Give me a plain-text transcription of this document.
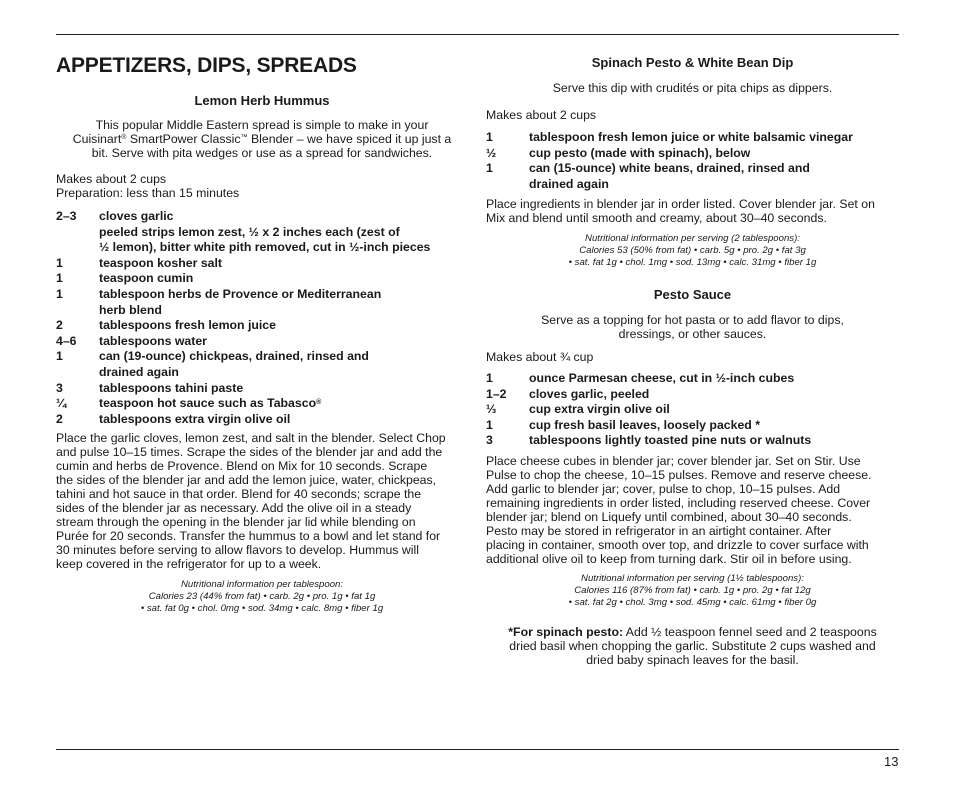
APPETIZERS, DIPS, SPREADS
Lemon Herb Hummus
This popular Middle Eastern spread is simple to make in your
Cuisinart® SmartPower Classic™ Blender – we have spiced it up just a
bit. Serve with pita wedges or use as a spread for sandwiches.
Makes about 2 cups
Preparation: less than 15 minutes
2–3	cloves garlic
peeled strips lemon zest, ½ x 2 inches each (zest of
½ lemon), bitter white pith removed, cut in ½-inch pieces
1	teaspoon kosher salt
1	teaspoon cumin
1	tablespoon herbs de Provence or Mediterranean
herb blend
2	tablespoons fresh lemon juice
4–6	tablespoons water
1	can (19-ounce) chickpeas, drained, rinsed and
drained again
3	tablespoons tahini paste
¼	teaspoon hot sauce such as Tabasco®
2	tablespoons extra virgin olive oil
Place the garlic cloves, lemon zest, and salt in the blender. Select Chop
and pulse 10–15 times. Scrape the sides of the blender jar and add the
cumin and herbs de Provence. Blend on Mix for 10 seconds. Scrape
the sides of the blender jar and add the lemon juice, water, chickpeas,
tahini and hot sauce in that order. Blend for 40 seconds; scrape the
sides of the blender jar as necessary. Add the olive oil in a steady
stream through the opening in the blender jar lid while blending on
Purée for 20 seconds. Transfer the hummus to a bowl and let stand for
30 minutes before serving to allow flavors to develop. Hummus will
keep covered in the refrigerator for up to a week.
Nutritional information per tablespoon:
Calories 23 (44% from fat) • carb. 2g • pro. 1g • fat 1g
• sat. fat 0g • chol. 0mg • sod. 34mg • calc. 8mg • fiber 1g
Spinach Pesto & White Bean Dip
Serve this dip with crudités or pita chips as dippers.
Makes about 2 cups
1	tablespoon fresh lemon juice or white balsamic vinegar
½	cup pesto (made with spinach), below
1	can (15-ounce) white beans, drained, rinsed and
drained again
Place ingredients in blender jar in order listed. Cover blender jar. Set on
Mix and blend until smooth and creamy, about 30–40 seconds.
Nutritional information per serving (2 tablespoons):
Calories 53 (50% from fat) • carb. 5g • pro. 2g • fat 3g
• sat. fat 1g • chol. 1mg • sod. 13mg • calc. 31mg • fiber 1g
Pesto Sauce
Serve as a topping for hot pasta or to add flavor to dips,
dressings, or other sauces.
Makes about ¾ cup
1	ounce Parmesan cheese, cut in ½-inch cubes
1–2	cloves garlic, peeled
⅓	cup extra virgin olive oil
1	cup fresh basil leaves, loosely packed *
3	tablespoons lightly toasted pine nuts or walnuts
Place cheese cubes in blender jar; cover blender jar. Set on Stir. Use
Pulse to chop the cheese, 10–15 pulses. Remove and reserve cheese.
Add garlic to blender jar; cover, pulse to chop, 10–15 pulses. Add
remaining ingredients in order listed, including reserved cheese. Cover
blender jar; blend on Liquefy until combined, about 30–40 seconds.
Pesto may be stored in refrigerator in an airtight container. After
placing in container, smooth over top, and drizzle to cover surface with
additional olive oil to keep from turning dark. Stir oil in before using.
Nutritional information per serving (1½ tablespoons):
Calories 116 (87% from fat) • carb. 1g • pro. 2g • fat 12g
• sat. fat 2g • chol. 3mg • sod. 45mg • calc. 61mg • fiber 0g
*For spinach pesto: Add ½ teaspoon fennel seed and 2 teaspoons
dried basil when chopping the garlic. Substitute 2 cups washed and
dried baby spinach leaves for the basil.
13
